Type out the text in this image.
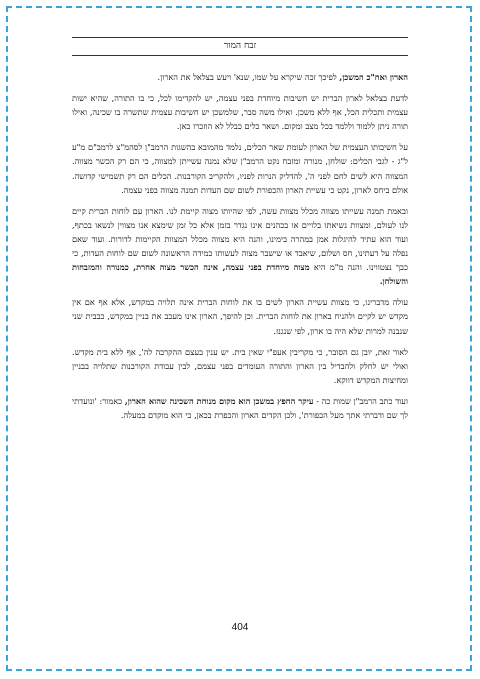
זבח המור

הארון ואח"כ המשכן, לפיכך זכה שיקרא על שמו, שנא' ויעש בצלאל את הארון.

לדעת בצלאל לארון הברית יש חשיבות מיוחדת בפני עצמה, יש להקדימו לכל, כי בו התורה, שהיא ישות עצמית ותכלית הכל, אף ללא משכן. ואילו משה סבר, שלמשכן יש חשיבות עצמית שתשרה בו שכינה, ואילו תורה ניתן ללמוד וללמד בכל מצב ומקום. ושאר כלים כבלל לא הוזכרו כאן.

על חשיבותו העצמית של הארון לעומת שאר הכלים, נלמד מהמובא בהשגות הרמב"ן לסהמ"צ לרמב"ם מ"ע ל"ג - לגבי הכלים: שולחן, מנורה ומזבח נקט הרמב"ן שלא נמנה עשייתן למצווה, כי הם רק הכשר מצווה. המצווה היא לשים לחם לפני ה', להדליק הנרות לפניו, ולהקריב הקורבנות. הכלים הם רק תשמישי קדושה. אולם ביחס לארון, נקט כי עשיית הארון והכפורת לשום שם העדות תמנה מצווה בפני עצמה.

ובאמת תמנה עשייתו מצווה מכלל מצוות עשה, לפי שהיותו מצוה קיימת לנו. הארון עם לוחות הברית קיים לנו לעולם, ומצוות נשיאתו בלויים או בכהנים אינו נגדר בזמן אלא כל זמן שימצא אנו מצווין לנשאו בכתף, ועוד הוא עתיד להיגלות אמן במהרה בימינו, והנה היא מצווה מכלל המצוות הקיימות לדורות. ועוד שאם נפלה על דעתינו, חס ושלום, שיאבד או שישבר מצוה לעשותו כמידה הראשונה לשום שם לוחות העדות, כי כבך נצטווינו. והנה מ"מ היא מצוה מיוחדת בפני עצמה, אינה הכשר מצוה אחרת, כמנורה והמזבחות והשולחן.

עולה מדברינו, כי מצוות עשיית הארון לשים בו את לוחות הברית אינה תלויה במקדש, אלא אף אם אין מקדש יש לקיים ולהניח בארון את לוחות הברית. וכן להיפך, הארון אינו מעכב את בניין במקדש, כבבית שני שנבנה למרות שלא היה בו ארון, לפי שנגנז.

לאור זאת, יובן גם הסובר, כי מקריבין אעפ"י שאין בית. יש ענין בעצם ההקרבה לה', אף ללא בית מקדש. ואולי יש לחלק ולהבדיל בין הארון והתורה העומדים בפני עצמם, לבין עבודת הקורבנות שתלויה בבניין ומחיצות המקדש דווקא.

ועוד כתב הרמב"ן שמות כה - עיקר החפץ במשכן הוא מקום מנוחת השכינה שהוא הארון, כאמור: 'ונועדתי לך שם ודברתי אתך מעל הכפורת', ולכן הקדים הארון והכפרת בכאן, כי הוא מוקדם במעלה.

404
